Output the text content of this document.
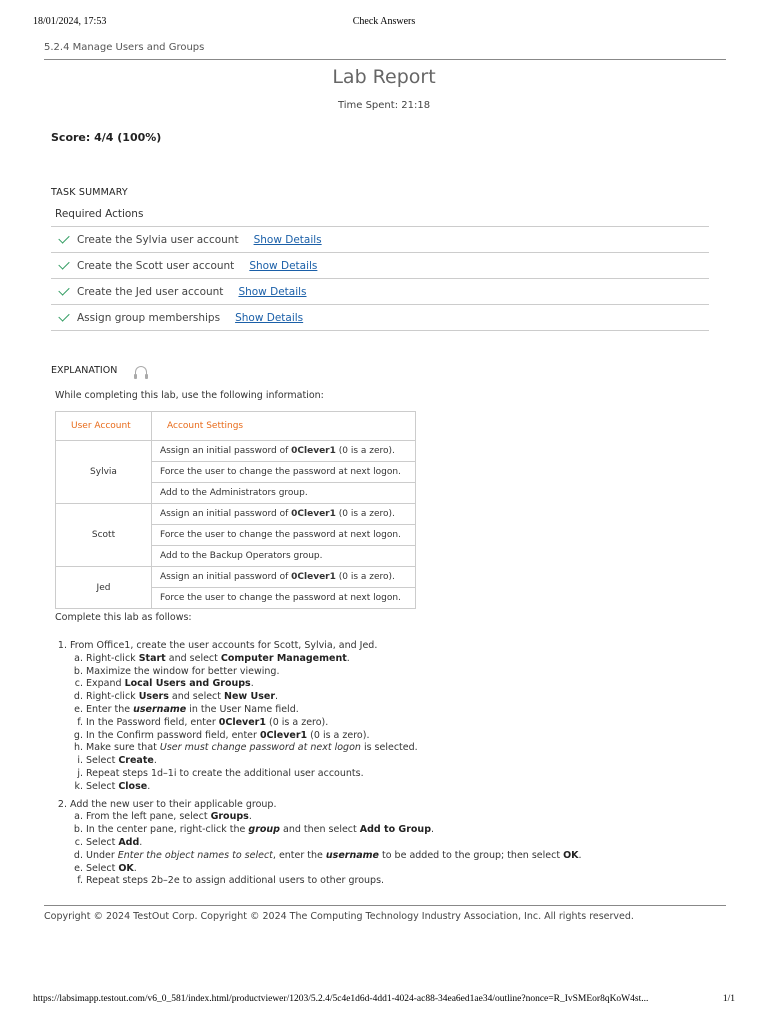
18/01/2024, 17:53	Check Answers
5.2.4 Manage Users and Groups
Lab Report
Time Spent: 21:18
Score: 4/4 (100%)
TASK SUMMARY
Required Actions
Create the Sylvia user account Show Details
Create the Scott user account Show Details
Create the Jed user account Show Details
Assign group memberships Show Details
EXPLANATION
While completing this lab, use the following information:
User Account	Account Settings
Sylvia	Assign an initial password of 0Clever1 (0 is a zero).
	Force the user to change the password at next logon.
	Add to the Administrators group.
Scott	Assign an initial password of 0Clever1 (0 is a zero).
	Force the user to change the password at next logon.
	Add to the Backup Operators group.
Jed	Assign an initial password of 0Clever1 (0 is a zero).
	Force the user to change the password at next logon.
Complete this lab as follows:
1. From Office1, create the user accounts for Scott, Sylvia, and Jed.
a. Right-click Start and select Computer Management.
b. Maximize the window for better viewing.
c. Expand Local Users and Groups.
d. Right-click Users and select New User.
e. Enter the username in the User Name field.
f. In the Password field, enter 0Clever1 (0 is a zero).
g. In the Confirm password field, enter 0Clever1 (0 is a zero).
h. Make sure that User must change password at next logon is selected.
i. Select Create.
j. Repeat steps 1d–1i to create the additional user accounts.
k. Select Close.
2. Add the new user to their applicable group.
a. From the left pane, select Groups.
b. In the center pane, right-click the group and then select Add to Group.
c. Select Add.
d. Under Enter the object names to select, enter the username to be added to the group; then select OK.
e. Select OK.
f. Repeat steps 2b–2e to assign additional users to other groups.
Copyright © 2024 TestOut Corp. Copyright © 2024 The Computing Technology Industry Association, Inc. All rights reserved.
https://labsimapp.testout.com/v6_0_581/index.html/productviewer/1203/5.2.4/5c4e1d6d-4dd1-4024-ac88-34ea6ed1ae34/outline?nonce=R_IvSMEor8qKoW4st...	1/1
